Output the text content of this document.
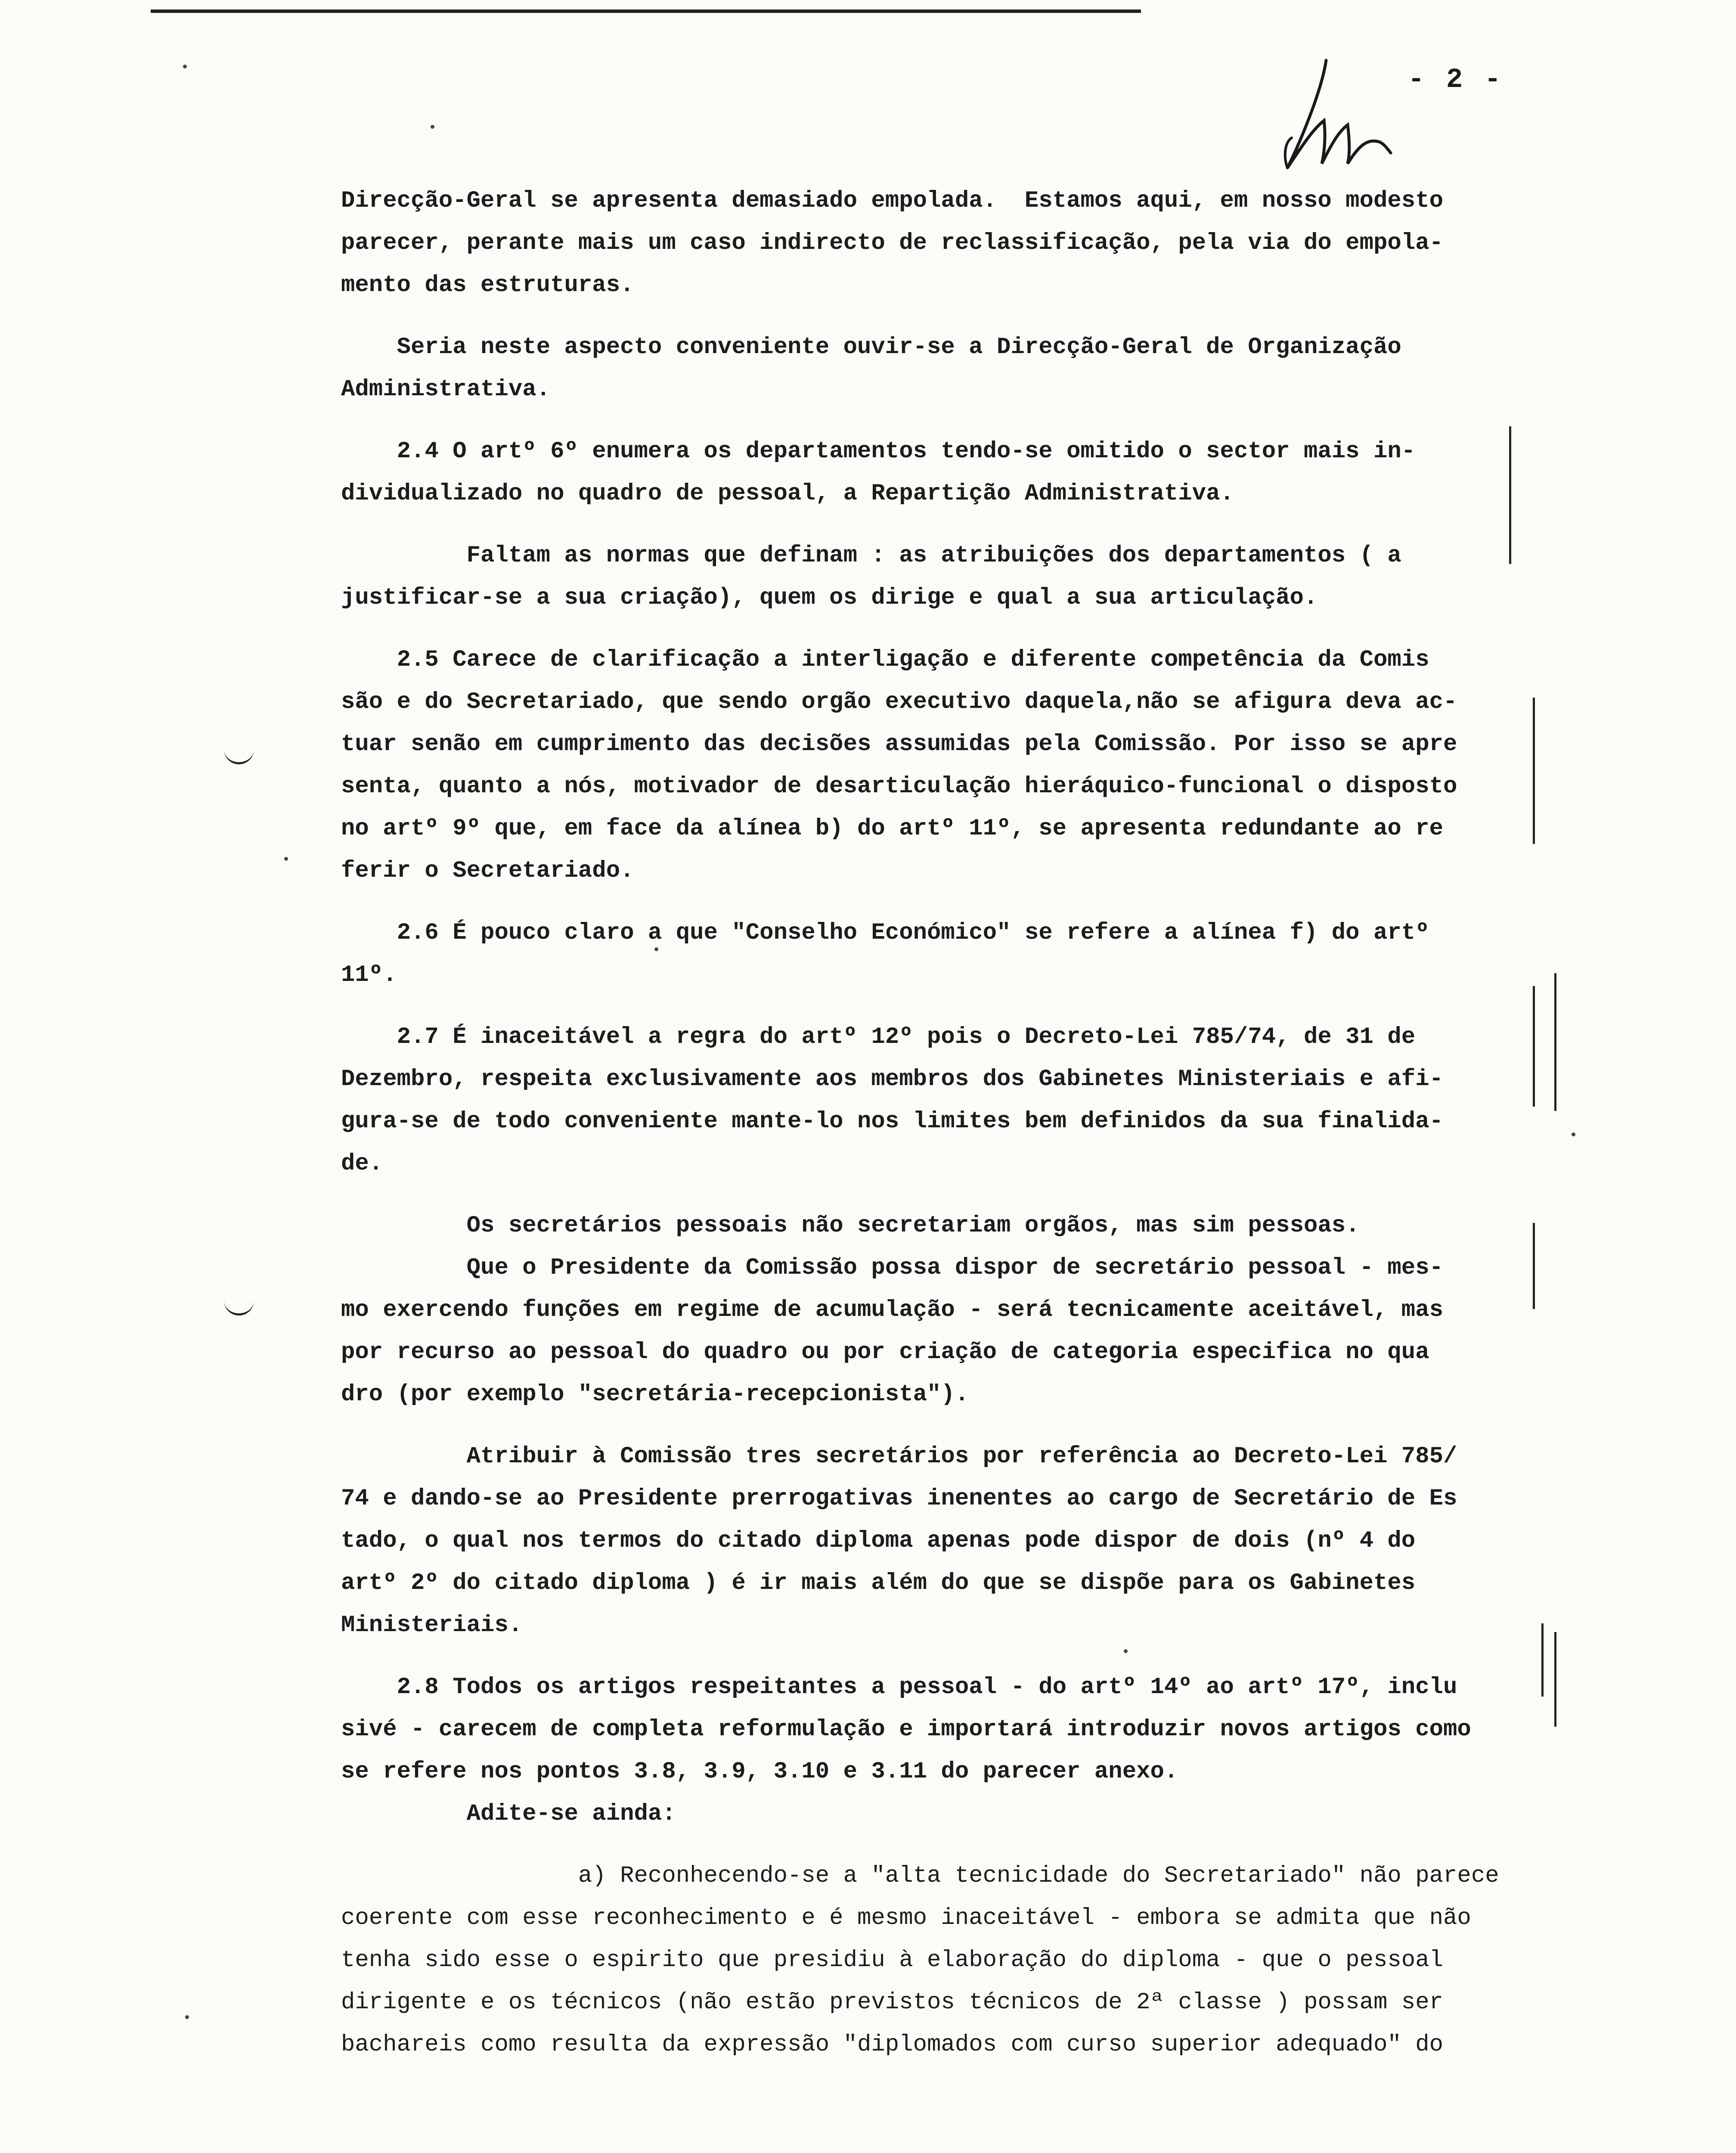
- 2 -
Direcção-Geral se apresenta demasiado empolada.  Estamos aqui, em nosso modesto
parecer, perante mais um caso indirecto de reclassificação, pela via do empola-
mento das estruturas.
Seria neste aspecto conveniente ouvir-se a Direcção-Geral de Organização
Administrativa.
2.4 O artº 6º enumera os departamentos tendo-se omitido o sector mais in-
dividualizado no quadro de pessoal, a Repartição Administrativa.
Faltam as normas que definam : as atribuições dos departamentos ( a
justificar-se a sua criação), quem os dirige e qual a sua articulação.
2.5 Carece de clarificação a interligação e diferente competência da Comis
são e do Secretariado, que sendo orgão executivo daquela,não se afigura deva ac-
tuar senão em cumprimento das decisões assumidas pela Comissão. Por isso se apre
senta, quanto a nós, motivador de desarticulação hieráquico-funcional o disposto
no artº 9º que, em face da alínea b) do artº 11º, se apresenta redundante ao re
ferir o Secretariado.
2.6 É pouco claro a que "Conselho Económico" se refere a alínea f) do artº
11º.
2.7 É inaceitável a regra do artº 12º pois o Decreto-Lei 785/74, de 31 de
Dezembro, respeita exclusivamente aos membros dos Gabinetes Ministeriais e afi-
gura-se de todo conveniente mante-lo nos limites bem definidos da sua finalida-
de.
Os secretários pessoais não secretariam orgãos, mas sim pessoas.
Que o Presidente da Comissão possa dispor de secretário pessoal - mes-
mo exercendo funções em regime de acumulação - será tecnicamente aceitável, mas
por recurso ao pessoal do quadro ou por criação de categoria especifica no qua
dro (por exemplo "secretária-recepcionista").
Atribuir à Comissão tres secretários por referência ao Decreto-Lei 785/
74 e dando-se ao Presidente prerrogativas inenentes ao cargo de Secretário de Es
tado, o qual nos termos do citado diploma apenas pode dispor de dois (nº 4 do
artº 2º do citado diploma ) é ir mais além do que se dispõe para os Gabinetes
Ministeriais.
2.8 Todos os artigos respeitantes a pessoal - do artº 14º ao artº 17º, inclu
sivé - carecem de completa reformulação e importará introduzir novos artigos como
se refere nos pontos 3.8, 3.9, 3.10 e 3.11 do parecer anexo.
Adite-se ainda:
a) Reconhecendo-se a "alta tecnicidade do Secretariado" não parece
coerente com esse reconhecimento e é mesmo inaceitável - embora se admita que não
tenha sido esse o espirito que presidiu à elaboração do diploma - que o pessoal
dirigente e os técnicos (não estão previstos técnicos de 2ª classe ) possam ser
bachareis como resulta da expressão "diplomados com curso superior adequado" do
